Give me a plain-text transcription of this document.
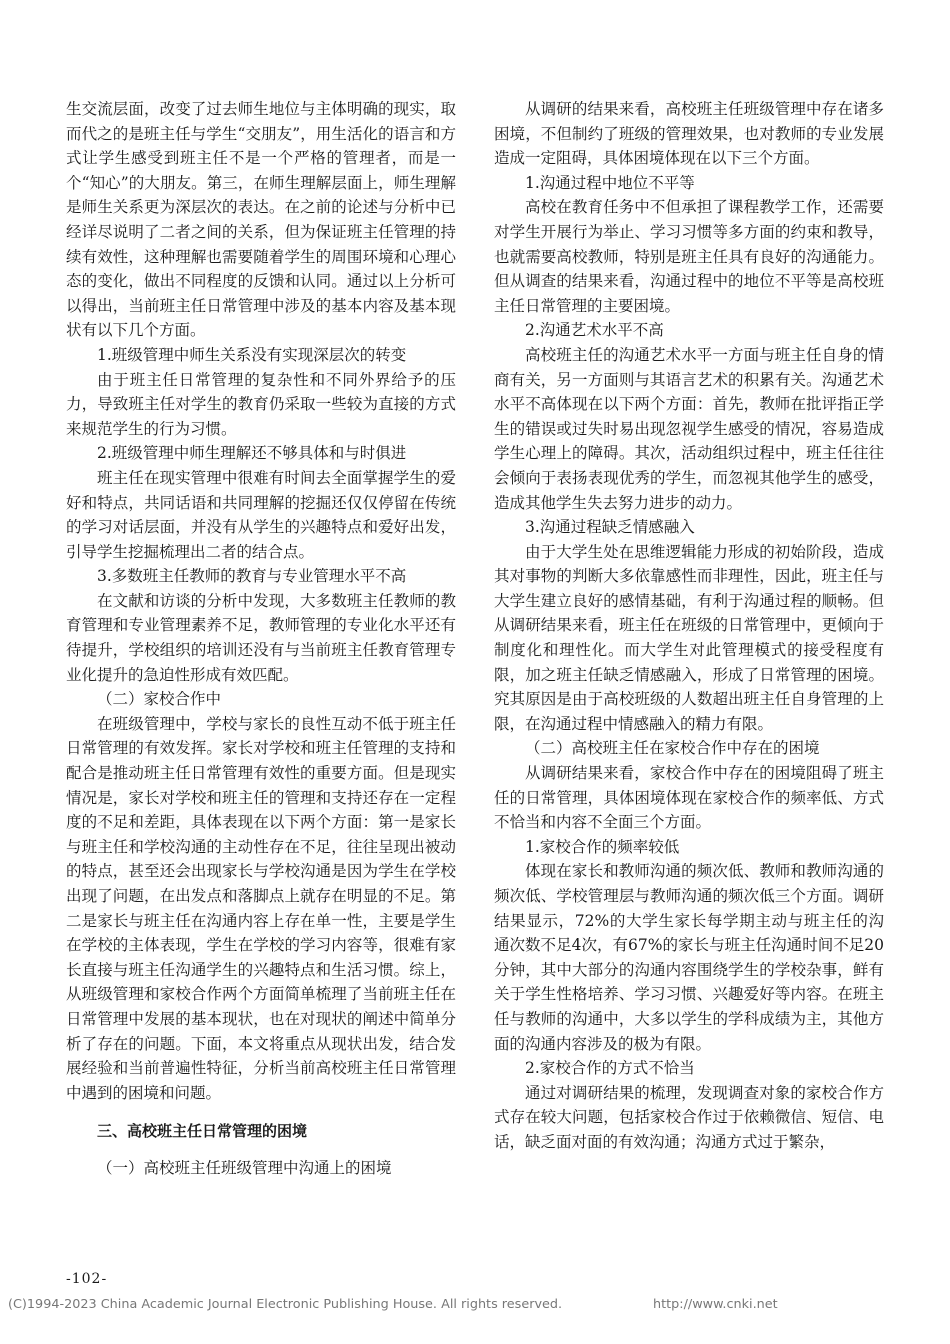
生交流层面，改变了过去师生地位与主体明确的现实，取而代之的是班主任与学生“交朋友”，用生活化的语言和方式让学生感受到班主任不是一个严格的管理者，而是一个“知心”的大朋友。第三，在师生理解层面上，师生理解是师生关系更为深层次的表达。在之前的论述与分析中已经详尽说明了二者之间的关系，但为保证班主任管理的持续有效性，这种理解也需要随着学生的周围环境和心理心态的变化，做出不同程度的反馈和认同。通过以上分析可以得出，当前班主任日常管理中涉及的基本内容及基本现状有以下几个方面。

1.班级管理中师生关系没有实现深层次的转变

由于班主任日常管理的复杂性和不同外界给予的压力，导致班主任对学生的教育仍采取一些较为直接的方式来规范学生的行为习惯。

2.班级管理中师生理解还不够具体和与时俱进

班主任在现实管理中很难有时间去全面掌握学生的爱好和特点，共同话语和共同理解的挖掘还仅仅停留在传统的学习对话层面，并没有从学生的兴趣特点和爱好出发，引导学生挖掘梳理出二者的结合点。

3.多数班主任教师的教育与专业管理水平不高

在文献和访谈的分析中发现，大多数班主任教师的教育管理和专业管理素养不足，教师管理的专业化水平还有待提升，学校组织的培训还没有与当前班主任教育管理专业化提升的急迫性形成有效匹配。

（二）家校合作中

在班级管理中，学校与家长的良性互动不低于班主任日常管理的有效发挥。家长对学校和班主任管理的支持和配合是推动班主任日常管理有效性的重要方面。但是现实情况是，家长对学校和班主任的管理和支持还存在一定程度的不足和差距，具体表现在以下两个方面：第一是家长与班主任和学校沟通的主动性存在不足，往往呈现出被动的特点，甚至还会出现家长与学校沟通是因为学生在学校出现了问题，在出发点和落脚点上就存在明显的不足。第二是家长与班主任在沟通内容上存在单一性，主要是学生在学校的主体表现，学生在学校的学习内容等，很难有家长直接与班主任沟通学生的兴趣特点和生活习惯。综上，从班级管理和家校合作两个方面简单梳理了当前班主任在日常管理中发展的基本现状，也在对现状的阐述中简单分析了存在的问题。下面，本文将重点从现状出发，结合发展经验和当前普遍性特征，分析当前高校班主任日常管理中遇到的困境和问题。

三、高校班主任日常管理的困境

（一）高校班主任班级管理中沟通上的困境

从调研的结果来看，高校班主任班级管理中存在诸多困境，不但制约了班级的管理效果，也对教师的专业发展造成一定阻碍，具体困境体现在以下三个方面。

1.沟通过程中地位不平等

高校在教育任务中不但承担了课程教学工作，还需要对学生开展行为举止、学习习惯等多方面的约束和教导，也就需要高校教师，特别是班主任具有良好的沟通能力。但从调查的结果来看，沟通过程中的地位不平等是高校班主任日常管理的主要困境。

2.沟通艺术水平不高

高校班主任的沟通艺术水平一方面与班主任自身的情商有关，另一方面则与其语言艺术的积累有关。沟通艺术水平不高体现在以下两个方面：首先，教师在批评指正学生的错误或过失时易出现忽视学生感受的情况，容易造成学生心理上的障碍。其次，活动组织过程中，班主任往往会倾向于表扬表现优秀的学生，而忽视其他学生的感受，造成其他学生失去努力进步的动力。

3.沟通过程缺乏情感融入

由于大学生处在思维逻辑能力形成的初始阶段，造成其对事物的判断大多依靠感性而非理性，因此，班主任与大学生建立良好的感情基础，有利于沟通过程的顺畅。但从调研结果来看，班主任在班级的日常管理中，更倾向于制度化和理性化。而大学生对此管理模式的接受程度有限，加之班主任缺乏情感融入，形成了日常管理的困境。究其原因是由于高校班级的人数超出班主任自身管理的上限，在沟通过程中情感融入的精力有限。

（二）高校班主任在家校合作中存在的困境

从调研结果来看，家校合作中存在的困境阻碍了班主任的日常管理，具体困境体现在家校合作的频率低、方式不恰当和内容不全面三个方面。

1.家校合作的频率较低

体现在家长和教师沟通的频次低、教师和教师沟通的频次低、学校管理层与教师沟通的频次低三个方面。调研结果显示，72%的大学生家长每学期主动与班主任的沟通次数不足4次，有67%的家长与班主任沟通时间不足20分钟，其中大部分的沟通内容围绕学生的学校杂事，鲜有关于学生性格培养、学习习惯、兴趣爱好等内容。在班主任与教师的沟通中，大多以学生的学科成绩为主，其他方面的沟通内容涉及的极为有限。

2.家校合作的方式不恰当

通过对调研结果的梳理，发现调查对象的家校合作方式存在较大问题，包括家校合作过于依赖微信、短信、电话，缺乏面对面的有效沟通；沟通方式过于繁杂，

-102-
(C)1994-2023 China Academic Journal Electronic Publishing House. All rights reserved.	http://www.cnki.net
